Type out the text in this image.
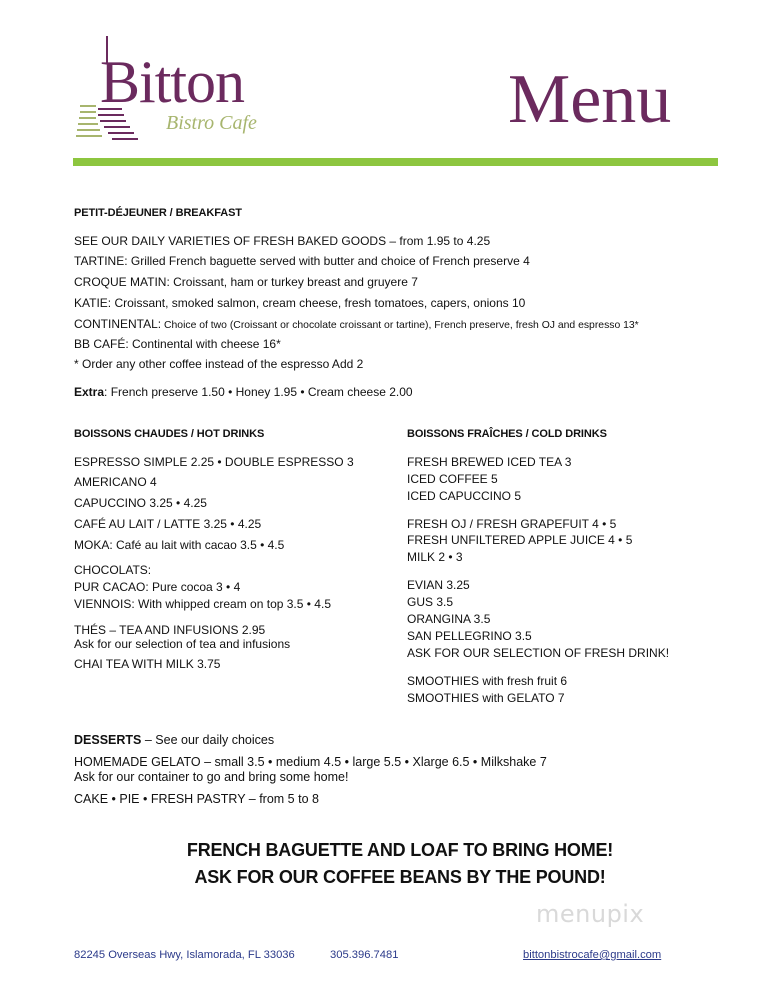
Bitton
Bistro Cafe	Menu
PETIT-DÉJEUNER / BREAKFAST
SEE OUR DAILY VARIETIES OF FRESH BAKED GOODS – from 1.95 to 4.25
TARTINE: Grilled French baguette served with butter and choice of French preserve 4
CROQUE MATIN: Croissant, ham or turkey breast and gruyere 7
KATIE: Croissant, smoked salmon, cream cheese, fresh tomatoes, capers, onions 10
CONTINENTAL: Choice of two (Croissant or chocolate croissant or tartine), French preserve, fresh OJ and espresso 13*
BB CAFÉ: Continental with cheese 16*
* Order any other coffee instead of the espresso Add 2
Extra: French preserve 1.50 • Honey 1.95 • Cream cheese 2.00
BOISSONS CHAUDES / HOT DRINKS
ESPRESSO SIMPLE 2.25 • DOUBLE ESPRESSO 3
AMERICANO 4
CAPUCCINO 3.25 • 4.25
CAFÉ AU LAIT / LATTE 3.25 • 4.25
MOKA: Café au lait with cacao 3.5 • 4.5
CHOCOLATS:
PUR CACAO: Pure cocoa 3 • 4
VIENNOIS: With whipped cream on top 3.5 • 4.5
THÉS – TEA AND INFUSIONS 2.95
Ask for our selection of tea and infusions
CHAI TEA WITH MILK 3.75
BOISSONS FRAÎCHES / COLD DRINKS
FRESH BREWED ICED TEA 3
ICED COFFEE 5
ICED CAPUCCINO 5
FRESH OJ / FRESH GRAPEFUIT 4 • 5
FRESH UNFILTERED APPLE JUICE 4 • 5
MILK 2 • 3
EVIAN 3.25
GUS 3.5
ORANGINA 3.5
SAN PELLEGRINO 3.5
ASK FOR OUR SELECTION OF FRESH DRINK!
SMOOTHIES with fresh fruit 6
SMOOTHIES with GELATO 7
DESSERTS – See our daily choices
HOMEMADE GELATO – small 3.5 • medium 4.5 • large 5.5 • Xlarge 6.5 • Milkshake 7
Ask for our container to go and bring some home!
CAKE • PIE • FRESH PASTRY – from 5 to 8
FRENCH BAGUETTE AND LOAF TO BRING HOME!
ASK FOR OUR COFFEE BEANS BY THE POUND!
menupix
82245 Overseas Hwy, Islamorada, FL 33036	305.396.7481	bittonbistrocafe@gmail.com
